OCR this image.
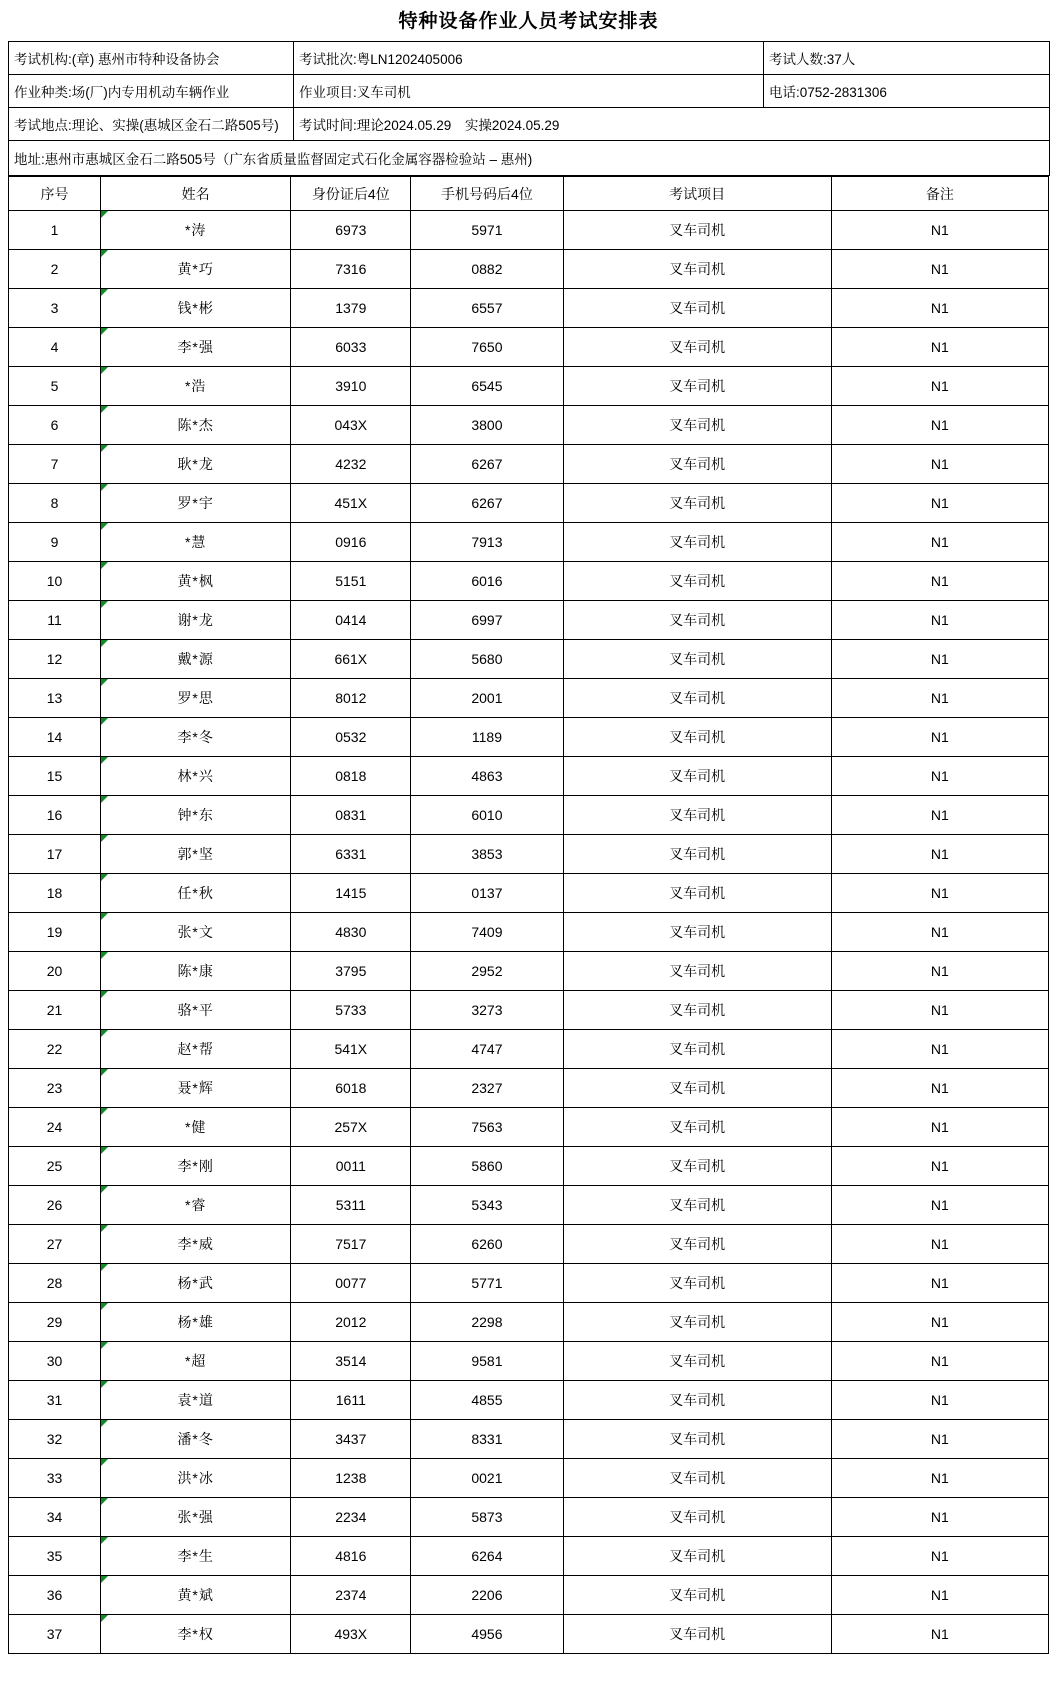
特种设备作业人员考试安排表
考试机构:(章) 惠州市特种设备协会	考试批次:粤LN1202405006	考试人数:37人
作业种类:场(厂)内专用机动车辆作业	作业项目:叉车司机	电话:0752-2831306
考试地点:理论、实操(惠城区金石二路505号)	考试时间:理论2024.05.29　实操2024.05.29	
地址:惠州市惠城区金石二路505号（广东省质量监督固定式石化金属容器检验站 – 惠州)		
序号	姓名	身份证后4位	手机号码后4位	考试项目	备注
1	*涛	6973	5971	叉车司机	N1
2	黄*巧	7316	0882	叉车司机	N1
3	钱*彬	1379	6557	叉车司机	N1
4	李*强	6033	7650	叉车司机	N1
5	*浩	3910	6545	叉车司机	N1
6	陈*杰	043X	3800	叉车司机	N1
7	耿*龙	4232	6267	叉车司机	N1
8	罗*宇	451X	6267	叉车司机	N1
9	*慧	0916	7913	叉车司机	N1
10	黄*枫	5151	6016	叉车司机	N1
11	谢*龙	0414	6997	叉车司机	N1
12	戴*源	661X	5680	叉车司机	N1
13	罗*思	8012	2001	叉车司机	N1
14	李*冬	0532	1189	叉车司机	N1
15	林*兴	0818	4863	叉车司机	N1
16	钟*东	0831	6010	叉车司机	N1
17	郭*坚	6331	3853	叉车司机	N1
18	任*秋	1415	0137	叉车司机	N1
19	张*文	4830	7409	叉车司机	N1
20	陈*康	3795	2952	叉车司机	N1
21	骆*平	5733	3273	叉车司机	N1
22	赵*帮	541X	4747	叉车司机	N1
23	聂*辉	6018	2327	叉车司机	N1
24	*健	257X	7563	叉车司机	N1
25	李*刚	0011	5860	叉车司机	N1
26	*睿	5311	5343	叉车司机	N1
27	李*威	7517	6260	叉车司机	N1
28	杨*武	0077	5771	叉车司机	N1
29	杨*雄	2012	2298	叉车司机	N1
30	*超	3514	9581	叉车司机	N1
31	袁*道	1611	4855	叉车司机	N1
32	潘*冬	3437	8331	叉车司机	N1
33	洪*冰	1238	0021	叉车司机	N1
34	张*强	2234	5873	叉车司机	N1
35	李*生	4816	6264	叉车司机	N1
36	黄*斌	2374	2206	叉车司机	N1
37	李*权	493X	4956	叉车司机	N1
